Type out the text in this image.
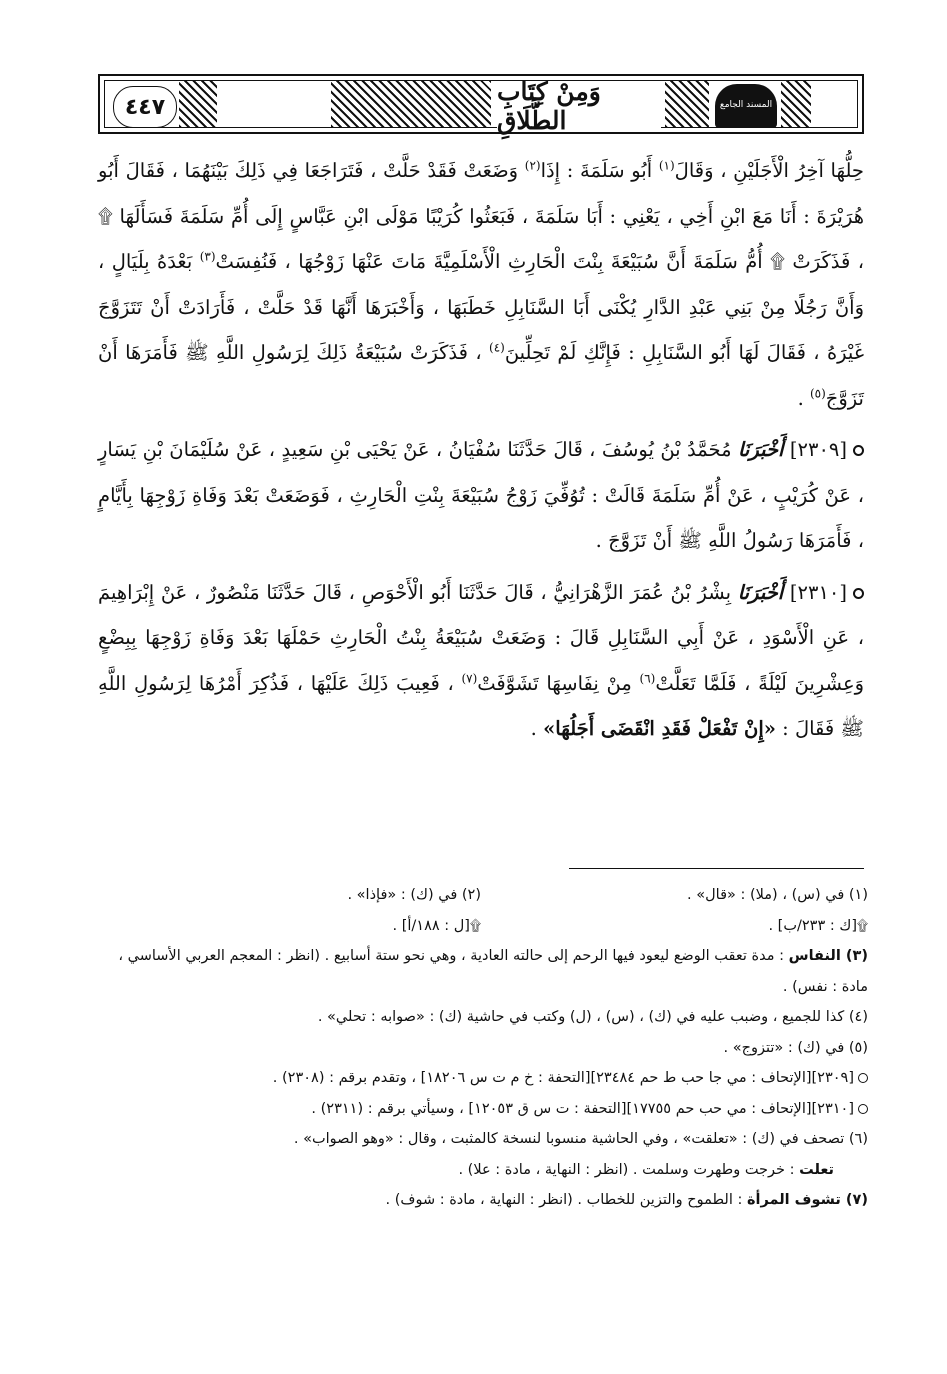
٤٤٧
وَمِنْ كِتَابِ الطَّلَاقِ
المسند الجامع

حِلُّهَا آخِرُ الْأَجَلَيْنِ ، وَقَالَ$^{(١)}$ أَبُو سَلَمَةَ : إِذَا$^{(٢)}$ وَضَعَتْ فَقَدْ حَلَّتْ ، فَتَرَاجَعَا فِي ذَلِكَ بَيْنَهُمَا ، فَقَالَ أَبُو هُرَيْرَةَ : أَنَا مَعَ ابْنِ أَخِي ، يَعْنِي : أَبَا سَلَمَةَ ، فَبَعَثُوا كُرَيْبًا مَوْلَى ابْنِ عَبَّاسٍ إِلَى أُمِّ سَلَمَةَ فَسَأَلَهَا ۩ ، فَذَكَرَتْ ۩ أُمُّ سَلَمَةَ أَنَّ سُبَيْعَةَ بِنْتَ الْحَارِثِ الْأَسْلَمِيَّةَ مَاتَ عَنْهَا زَوْجُهَا ، فَنُفِسَتْ$^{(٣)}$ بَعْدَهُ بِلَيَالٍ ، وَأَنَّ رَجُلًا مِنْ بَنِي عَبْدِ الدَّارِ يُكْنَى أَبَا السَّنَابِلِ خَطَبَهَا ، وَأَخْبَرَهَا أَنَّهَا قَدْ حَلَّتْ ، فَأَرَادَتْ أَنْ تَتَزَوَّجَ غَيْرَهُ ، فَقَالَ لَهَا أَبُو السَّنَابِلِ : فَإِنَّكِ لَمْ تَحِلِّينَ$^{(٤)}$ ، فَذَكَرَتْ سُبَيْعَةُ ذَلِكَ لِرَسُولِ اللَّهِ ﷺ فَأَمَرَهَا أَنْ تَزَوَّجَ$^{(٥)}$ .

[٢٣٠٩] أَخْبَرَنَا مُحَمَّدُ بْنُ يُوسُفَ ، قَالَ حَدَّثَنَا سُفْيَانُ ، عَنْ يَحْيَى بْنِ سَعِيدٍ ، عَنْ سُلَيْمَانَ بْنِ يَسَارٍ ، عَنْ كُرَيْبٍ ، عَنْ أُمِّ سَلَمَةَ قَالَتْ : تُوُفِّيَ زَوْجُ سُبَيْعَةَ بِنْتِ الْحَارِثِ ، فَوَضَعَتْ بَعْدَ وَفَاةِ زَوْجِهَا بِأَيَّامٍ ، فَأَمَرَهَا رَسُولُ اللَّهِ ﷺ أَنْ تَزَوَّجَ .

[٢٣١٠] أَخْبَرَنَا بِشْرُ بْنُ عُمَرَ الزَّهْرَانِيُّ ، قَالَ حَدَّثَنَا أَبُو الْأَحْوَصِ ، قَالَ حَدَّثَنَا مَنْصُورٌ ، عَنْ إِبْرَاهِيمَ ، عَنِ الْأَسْوَدِ ، عَنْ أَبِي السَّنَابِلِ قَالَ : وَضَعَتْ سُبَيْعَةُ بِنْتُ الْحَارِثِ حَمْلَهَا بَعْدَ وَفَاةِ زَوْجِهَا بِبِضْعٍ وَعِشْرِينَ لَيْلَةً ، فَلَمَّا تَعَلَّتْ$^{(٦)}$ مِنْ نِفَاسِهَا تَشَوَّفَتْ$^{(٧)}$ ، فَعِيبَ ذَلِكَ عَلَيْهَا ، فَذُكِرَ أَمْرُهَا لِرَسُولِ اللَّهِ ﷺ فَقَالَ : «إِنْ تَفْعَلْ فَقَدِ انْقَضَى أَجَلُهَا» .

(١) في (س) ، (ملا) : «قال» .
(٢) في (ك) : «فإذا» .
۩[ك : ٢٣٣/ب] .
۩[ل : ١٨٨/أ] .

(٣) النفاس : مدة تعقب الوضع ليعود فيها الرحم إلى حالته العادية ، وهي نحو ستة أسابيع . (انظر : المعجم العربي الأساسي ، مادة : نفس) .

(٤) كذا للجميع ، وضبب عليه في (ك) ، (س) ، (ل) وكتب في حاشية (ك) : «صوابه : تحلي» .

(٥) في (ك) : «تتزوج» .

[٢٣٠٩][الإتحاف : مي جا حب ط حم ٢٣٤٨٤][التحفة : خ م ت س ١٨٢٠٦] ، وتقدم برقم : (٢٣٠٨) .

[٢٣١٠][الإتحاف : مي حب حم ١٧٧٥٥][التحفة : ت س ق ١٢٠٥٣] ، وسيأتي برقم : (٢٣١١) .

(٦) تصحف في (ك) : «تعلقت» ، وفي الحاشية منسوبا لنسخة كالمثبت ، وقال : «وهو الصواب» .

تعلت : خرجت وطهرت وسلمت . (انظر : النهاية ، مادة : علا) .

(٧) تشوف المرأة : الطموح والتزين للخطاب . (انظر : النهاية ، مادة : شوف) .
